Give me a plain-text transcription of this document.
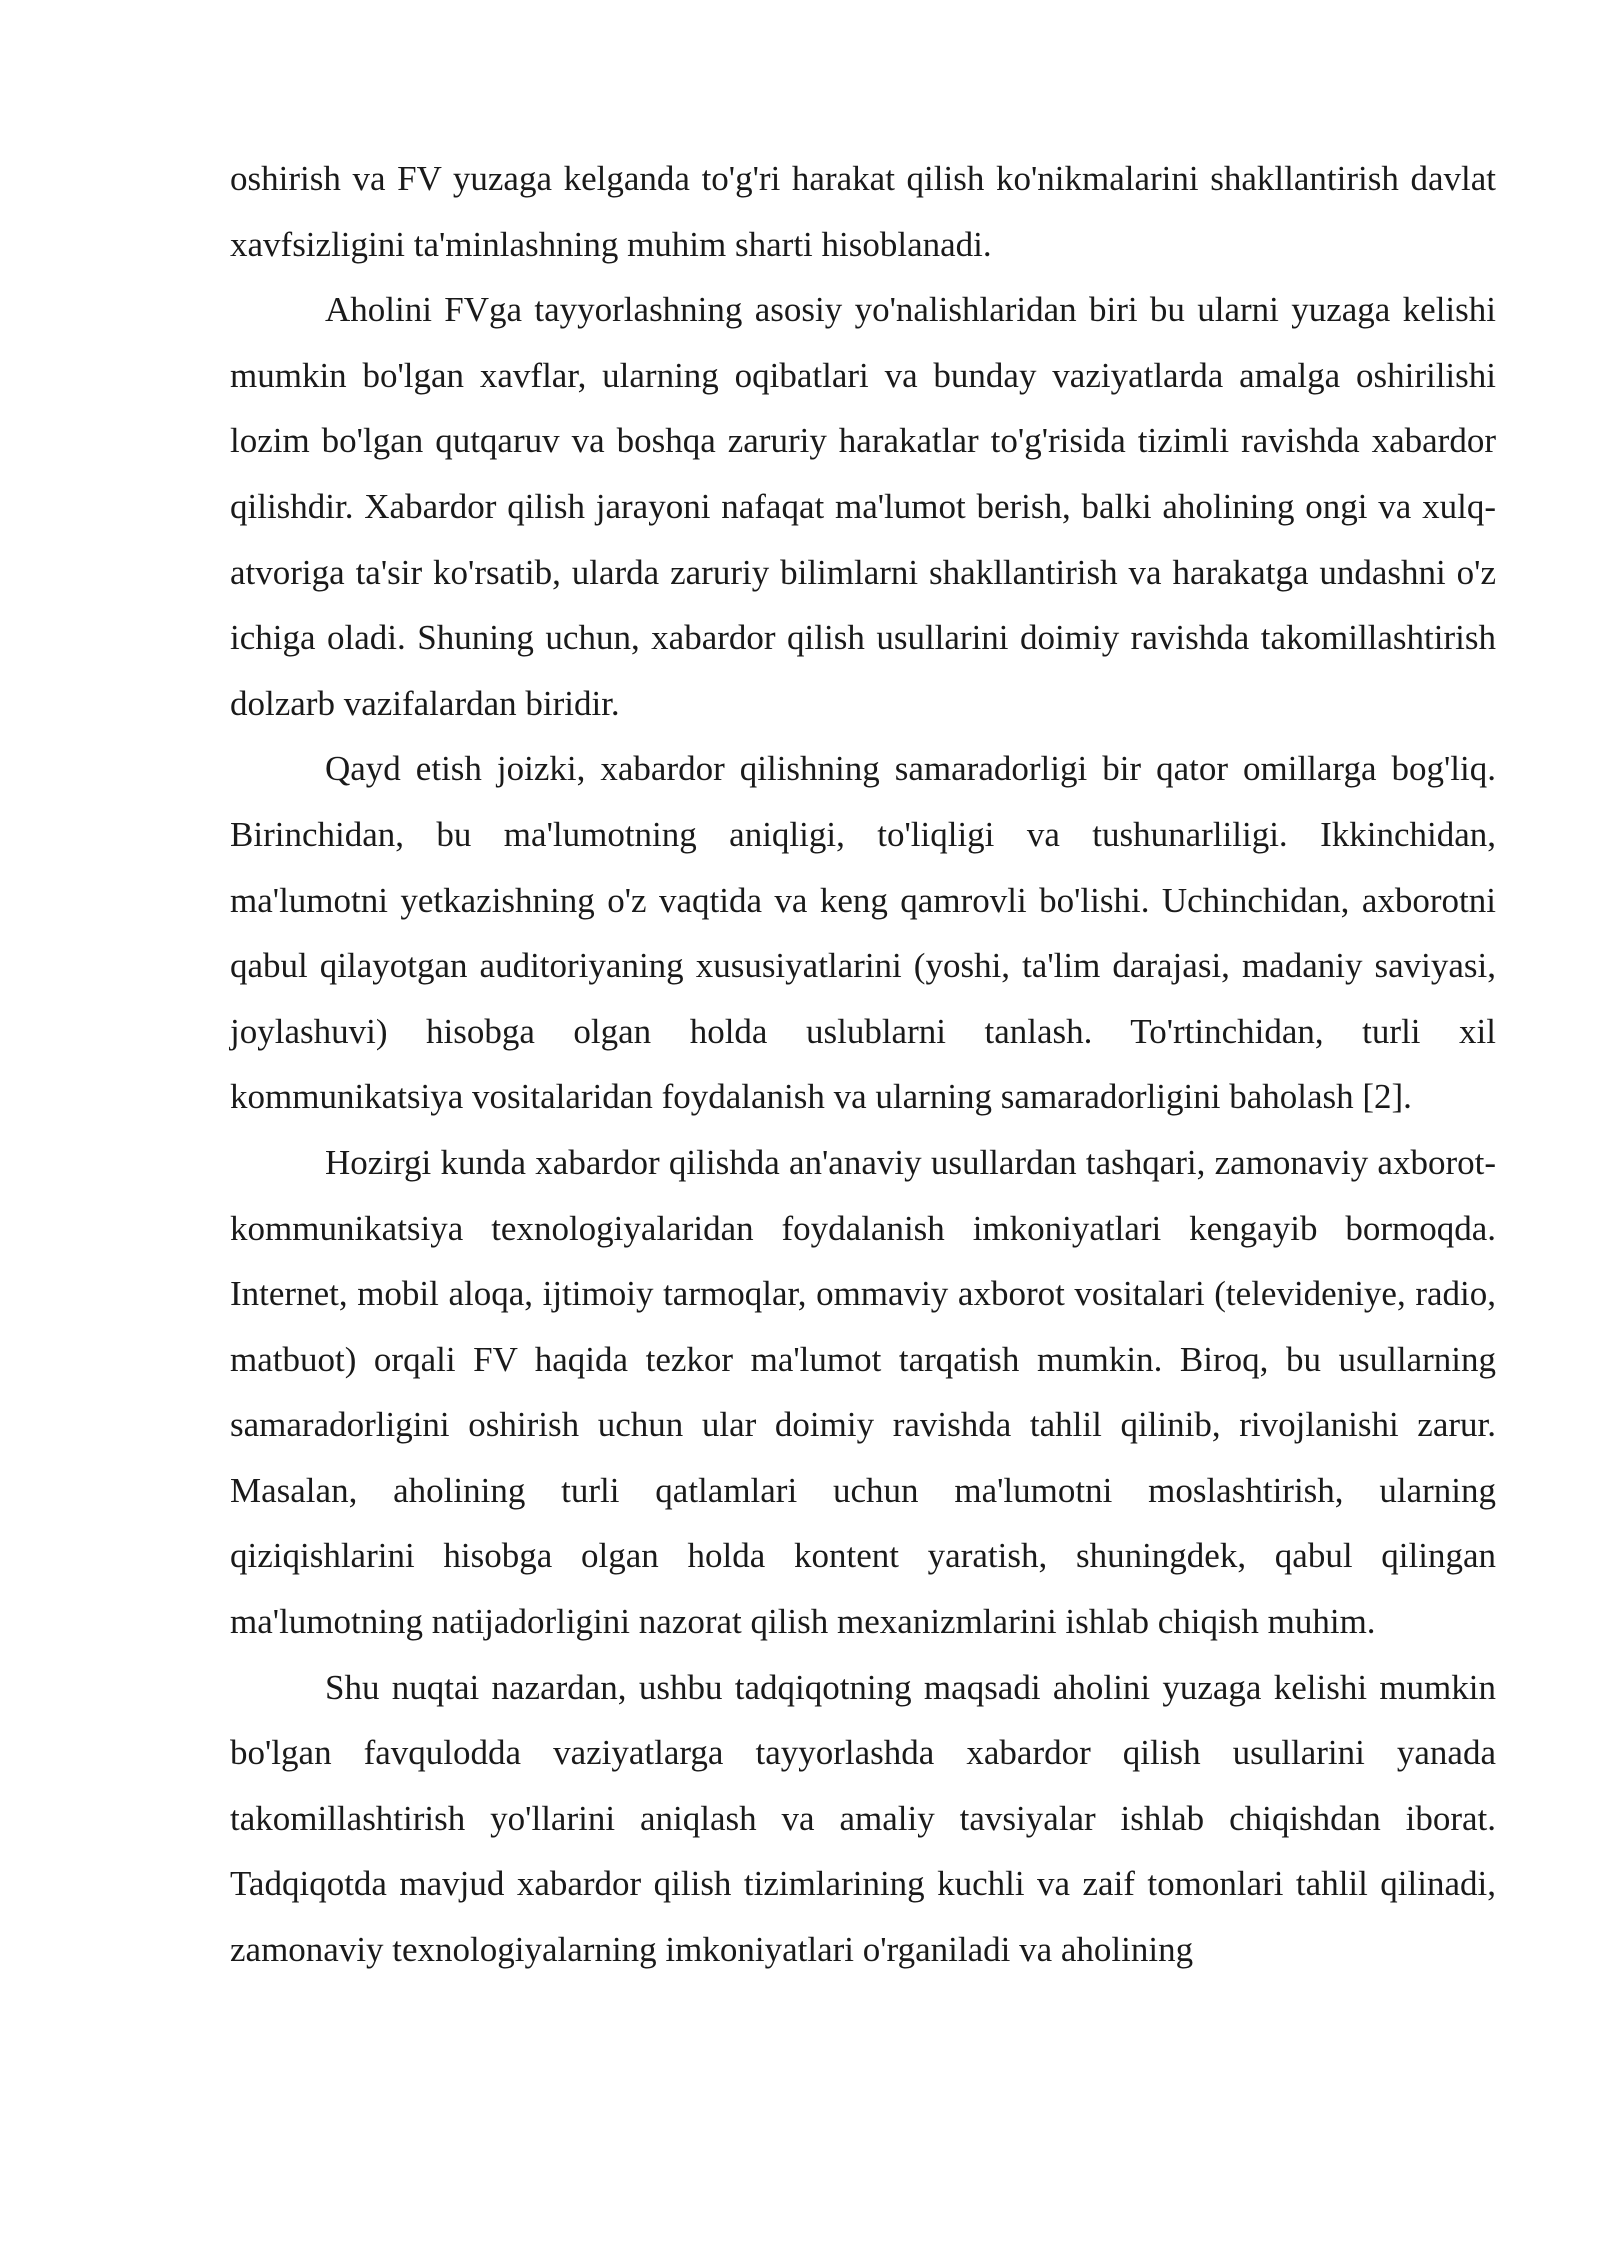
oshirish va FV yuzaga kelganda to'g'ri harakat qilish ko'nikmalarini shakllantirish davlat xavfsizligini ta'minlashning muhim sharti hisoblanadi.

Aholini FVga tayyorlashning asosiy yo'nalishlaridan biri bu ularni yuzaga kelishi mumkin bo'lgan xavflar, ularning oqibatlari va bunday vaziyatlarda amalga oshirilishi lozim bo'lgan qutqaruv va boshqa zaruriy harakatlar to'g'risida tizimli ravishda xabardor qilishdir. Xabardor qilish jarayoni nafaqat ma'lumot berish, balki aholining ongi va xulq-atvoriga ta'sir ko'rsatib, ularda zaruriy bilimlarni shakllantirish va harakatga undashni o'z ichiga oladi. Shuning uchun, xabardor qilish usullarini doimiy ravishda takomillashtirish dolzarb vazifalardan biridir.

Qayd etish joizki, xabardor qilishning samaradorligi bir qator omillarga bog'liq. Birinchidan, bu ma'lumotning aniqligi, to'liqligi va tushunarliligi. Ikkinchidan, ma'lumotni yetkazishning o'z vaqtida va keng qamrovli bo'lishi. Uchinchidan, axborotni qabul qilayotgan auditoriyaning xususiyatlarini (yoshi, ta'lim darajasi, madaniy saviyasi, joylashuvi) hisobga olgan holda uslublarni tanlash. To'rtinchidan, turli xil kommunikatsiya vositalaridan foydalanish va ularning samaradorligini baholash [2].

Hozirgi kunda xabardor qilishda an'anaviy usullardan tashqari, zamonaviy axborot-kommunikatsiya texnologiyalaridan foydalanish imkoniyatlari kengayib bormoqda. Internet, mobil aloqa, ijtimoiy tarmoqlar, ommaviy axborot vositalari (televideniye, radio, matbuot) orqali FV haqida tezkor ma'lumot tarqatish mumkin. Biroq, bu usullarning samaradorligini oshirish uchun ular doimiy ravishda tahlil qilinib, rivojlanishi zarur. Masalan, aholining turli qatlamlari uchun ma'lumotni moslashtirish, ularning qiziqishlarini hisobga olgan holda kontent yaratish, shuningdek, qabul qilingan ma'lumotning natijadorligini nazorat qilish mexanizmlarini ishlab chiqish muhim.

Shu nuqtai nazardan, ushbu tadqiqotning maqsadi aholini yuzaga kelishi mumkin bo'lgan favqulodda vaziyatlarga tayyorlashda xabardor qilish usullarini yanada takomillashtirish yo'llarini aniqlash va amaliy tavsiyalar ishlab chiqishdan iborat. Tadqiqotda mavjud xabardor qilish tizimlarining kuchli va zaif tomonlari tahlil qilinadi, zamonaviy texnologiyalarning imkoniyatlari o'rganiladi va aholining
